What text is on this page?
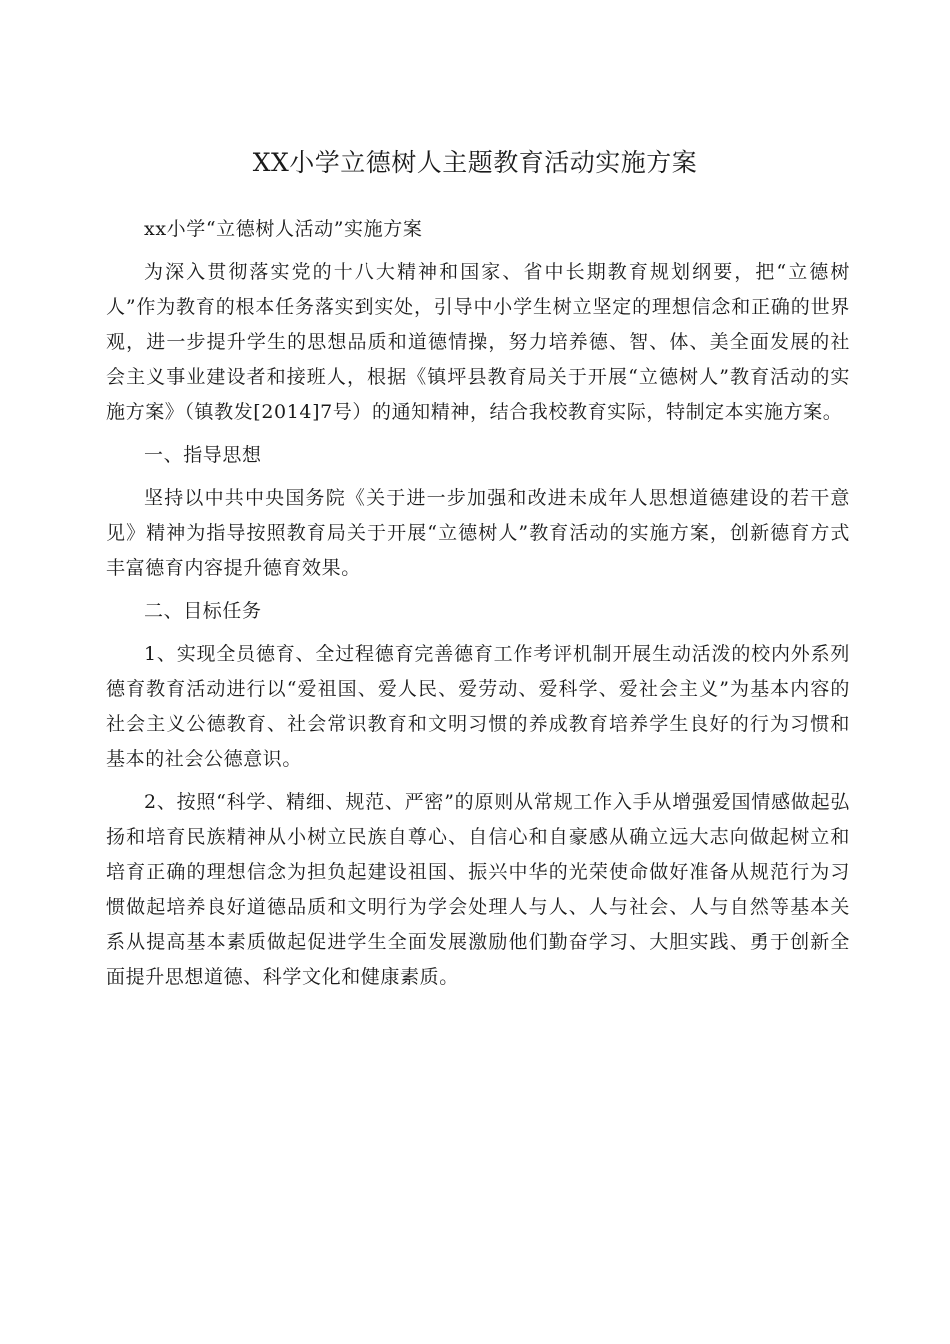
XX小学立德树人主题教育活动实施方案

xx小学“立德树人活动”实施方案

为深入贯彻落实党的十八大精神和国家、省中长期教育规划纲要，把“立德树人”作为教育的根本任务落实到实处，引导中小学生树立坚定的理想信念和正确的世界观，进一步提升学生的思想品质和道德情操，努力培养德、智、体、美全面发展的社会主义事业建设者和接班人，根据《镇坪县教育局关于开展“立德树人”教育活动的实施方案》（镇教发[2014]7号）的通知精神，结合我校教育实际，特制定本实施方案。

一、指导思想

坚持以中共中央国务院《关于进一步加强和改进未成年人思想道德建设的若干意见》精神为指导按照教育局关于开展“立德树人”教育活动的实施方案，创新德育方式丰富德育内容提升德育效果。

二、目标任务

1、实现全员德育、全过程德育完善德育工作考评机制开展生动活泼的校内外系列德育教育活动进行以“爱祖国、爱人民、爱劳动、爱科学、爱社会主义”为基本内容的社会主义公德教育、社会常识教育和文明习惯的养成教育培养学生良好的行为习惯和基本的社会公德意识。

2、按照“科学、精细、规范、严密”的原则从常规工作入手从增强爱国情感做起弘扬和培育民族精神从小树立民族自尊心、自信心和自豪感从确立远大志向做起树立和培育正确的理想信念为担负起建设祖国、振兴中华的光荣使命做好准备从规范行为习惯做起培养良好道德品质和文明行为学会处理人与人、人与社会、人与自然等基本关系从提高基本素质做起促进学生全面发展激励他们勤奋学习、大胆实践、勇于创新全面提升思想道德、科学文化和健康素质。
